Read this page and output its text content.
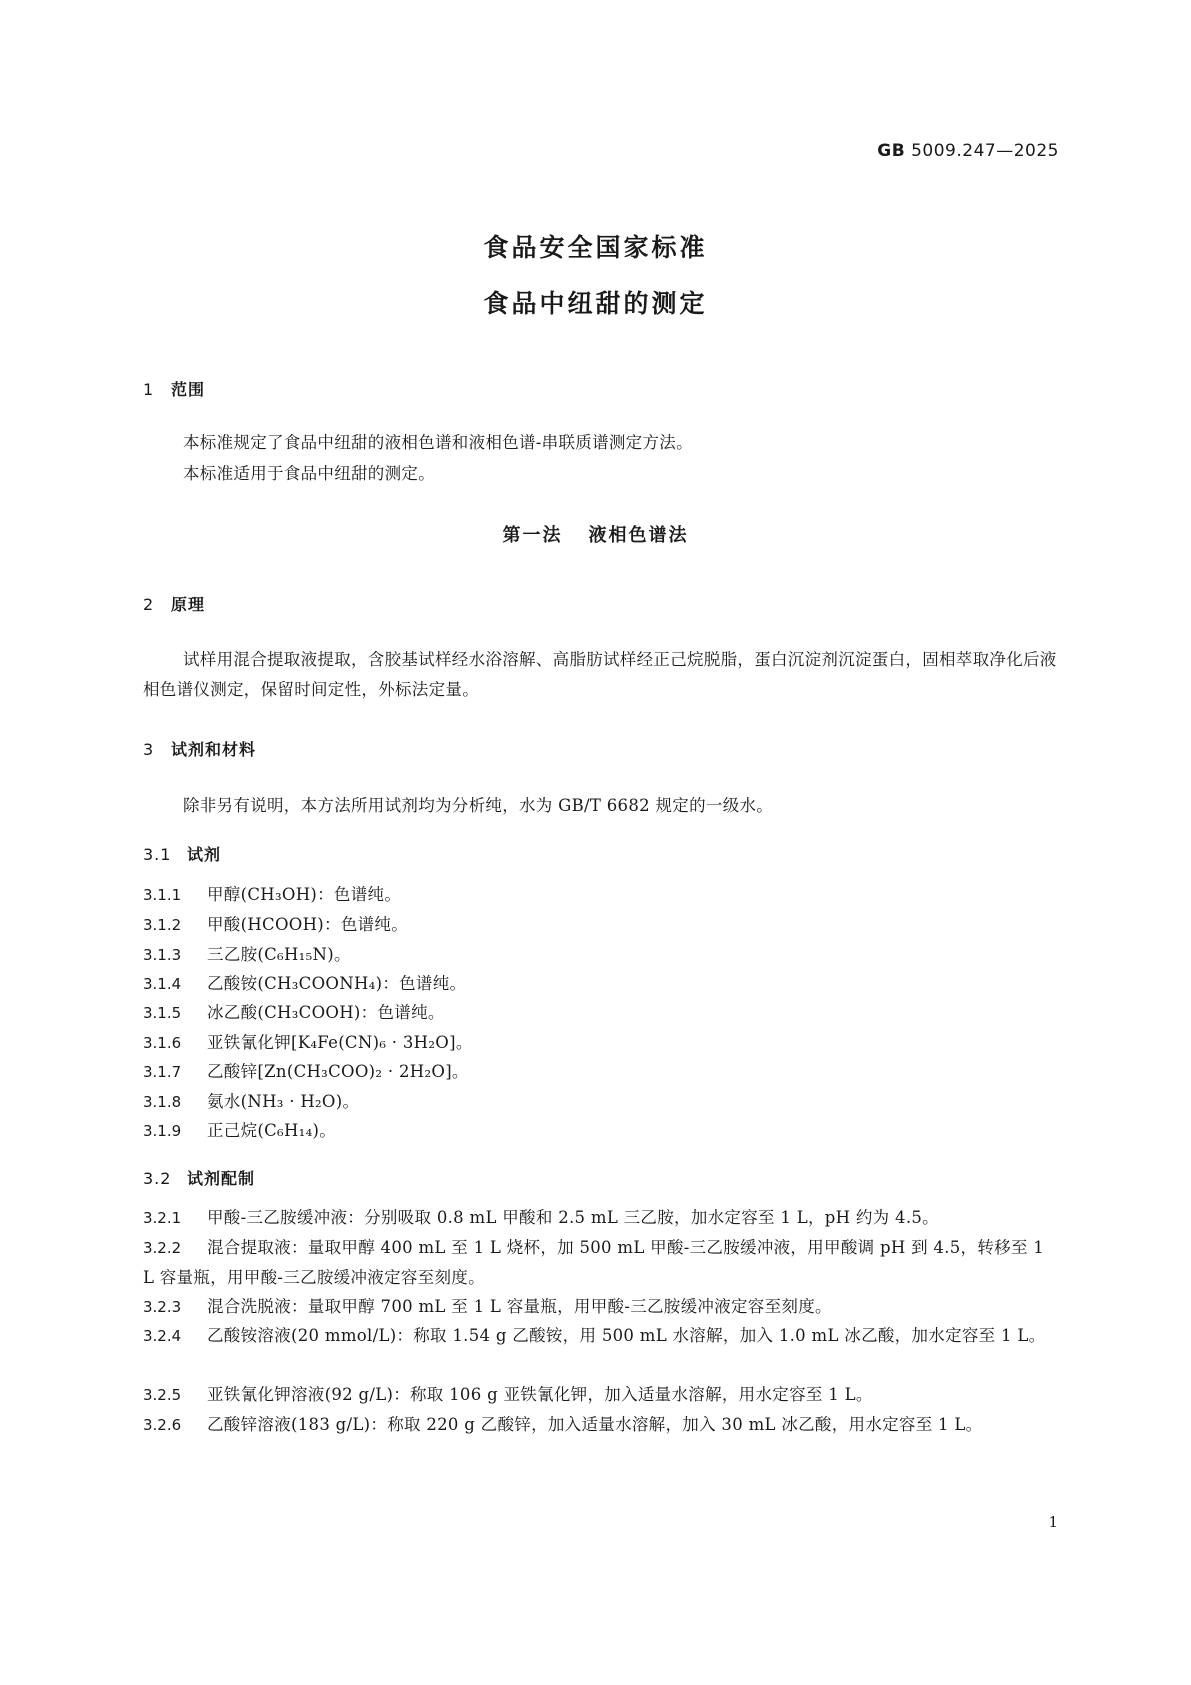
GB 5009.247—2025
食品安全国家标准
食品中纽甜的测定
1 范围
本标准规定了食品中纽甜的液相色谱和液相色谱-串联质谱测定方法。
本标准适用于食品中纽甜的测定。
第一法 液相色谱法
2 原理
试样用混合提取液提取，含胶基试样经水浴溶解、高脂肪试样经正己烷脱脂，蛋白沉淀剂沉淀蛋白，固相萃取净化后液相色谱仪测定，保留时间定性，外标法定量。
3 试剂和材料
除非另有说明，本方法所用试剂均为分析纯，水为 GB/T 6682 规定的一级水。
3.1 试剂
3.1.1 甲醇(CH₃OH)：色谱纯。
3.1.2 甲酸(HCOOH)：色谱纯。
3.1.3 三乙胺(C₆H₁₅N)。
3.1.4 乙酸铵(CH₃COONH₄)：色谱纯。
3.1.5 冰乙酸(CH₃COOH)：色谱纯。
3.1.6 亚铁氰化钾[K₄Fe(CN)₆ · 3H₂O]。
3.1.7 乙酸锌[Zn(CH₃COO)₂ · 2H₂O]。
3.1.8 氨水(NH₃ · H₂O)。
3.1.9 正己烷(C₆H₁₄)。
3.2 试剂配制
3.2.1 甲酸-三乙胺缓冲液：分别吸取 0.8 mL 甲酸和 2.5 mL 三乙胺，加水定容至 1 L，pH 约为 4.5。
3.2.2 混合提取液：量取甲醇 400 mL 至 1 L 烧杯，加 500 mL 甲酸-三乙胺缓冲液，用甲酸调 pH 到 4.5，转移至 1 L 容量瓶，用甲酸-三乙胺缓冲液定容至刻度。
3.2.3 混合洗脱液：量取甲醇 700 mL 至 1 L 容量瓶，用甲酸-三乙胺缓冲液定容至刻度。
3.2.4 乙酸铵溶液(20 mmol/L)：称取 1.54 g 乙酸铵，用 500 mL 水溶解，加入 1.0 mL 冰乙酸，加水定容至 1 L。
3.2.5 亚铁氰化钾溶液(92 g/L)：称取 106 g 亚铁氰化钾，加入适量水溶解，用水定容至 1 L。
3.2.6 乙酸锌溶液(183 g/L)：称取 220 g 乙酸锌，加入适量水溶解，加入 30 mL 冰乙酸，用水定容至 1 L。
1
